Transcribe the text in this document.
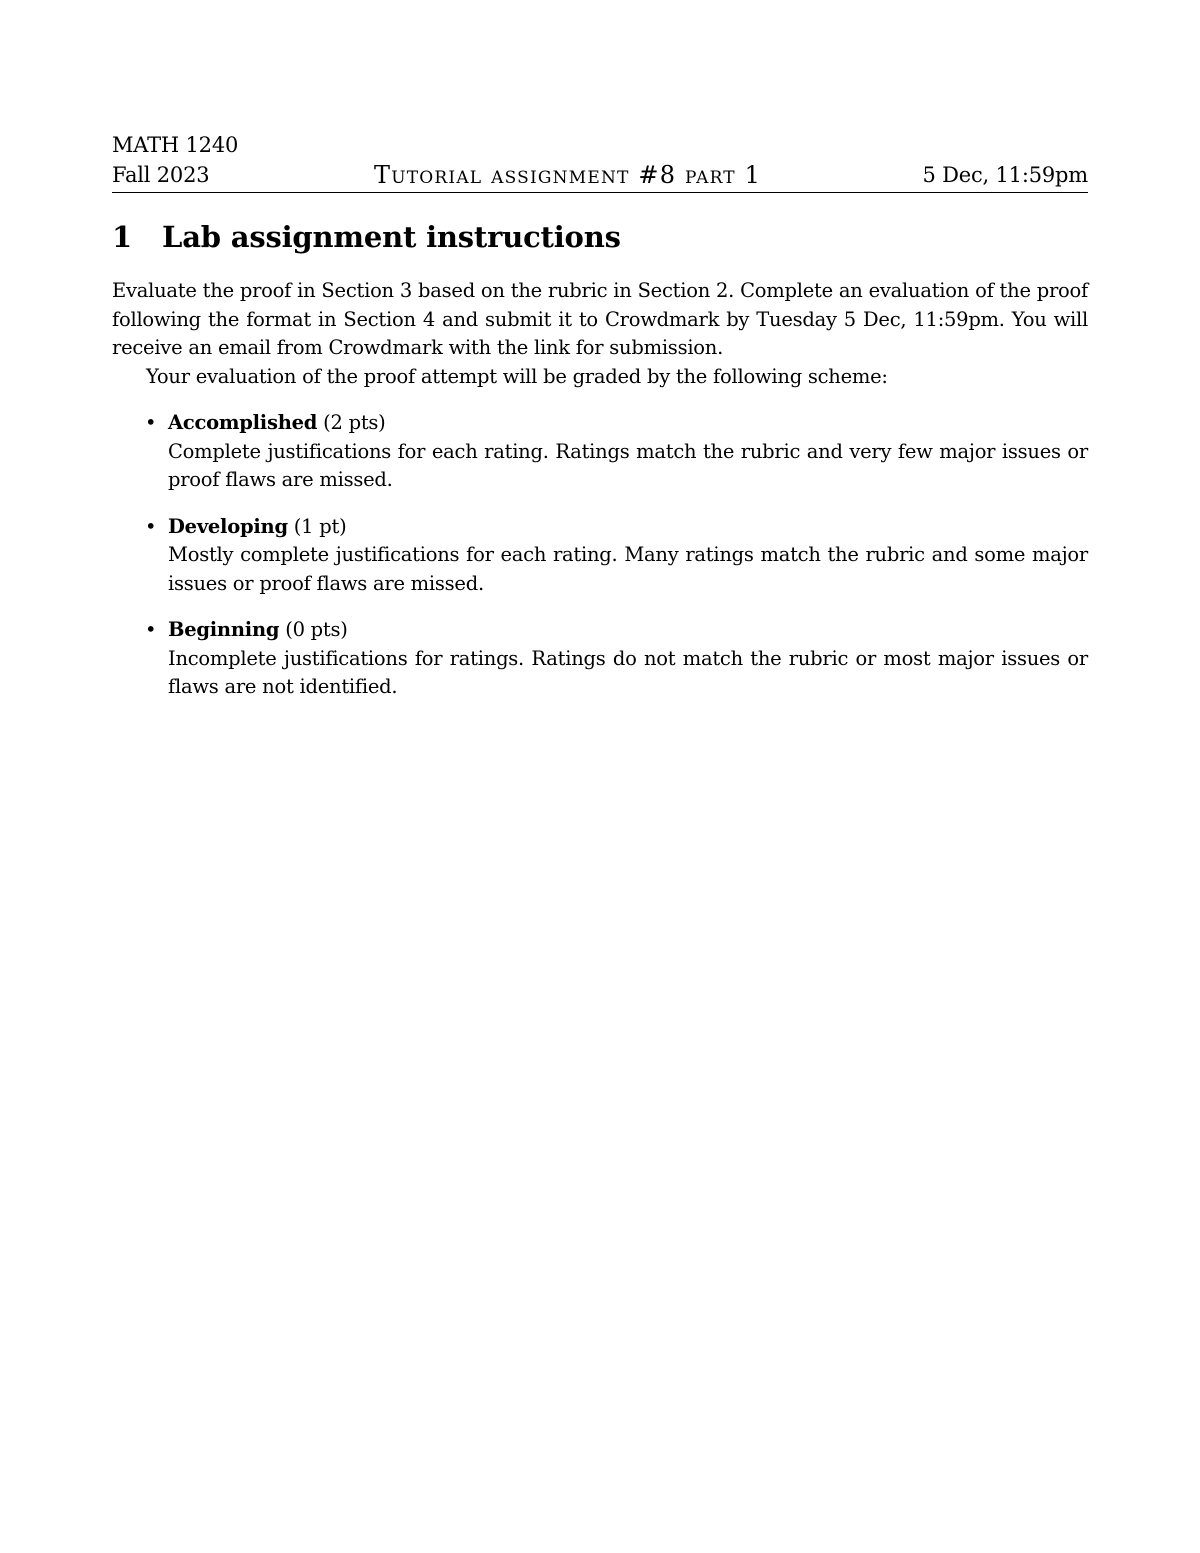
MATH 1240
Fall 2023	Tutorial assignment #8 part 1	5 Dec, 11:59pm
1 Lab assignment instructions
Evaluate the proof in Section 3 based on the rubric in Section 2. Complete an evaluation of the proof following the format in Section 4 and submit it to Crowdmark by Tuesday 5 Dec, 11:59pm. You will receive an email from Crowdmark with the link for submission.
Your evaluation of the proof attempt will be graded by the following scheme:
• Accomplished (2 pts)
Complete justifications for each rating. Ratings match the rubric and very few major issues or proof flaws are missed.
• Developing (1 pt)
Mostly complete justifications for each rating. Many ratings match the rubric and some major issues or proof flaws are missed.
• Beginning (0 pts)
Incomplete justifications for ratings. Ratings do not match the rubric or most major issues or flaws are not identified.
